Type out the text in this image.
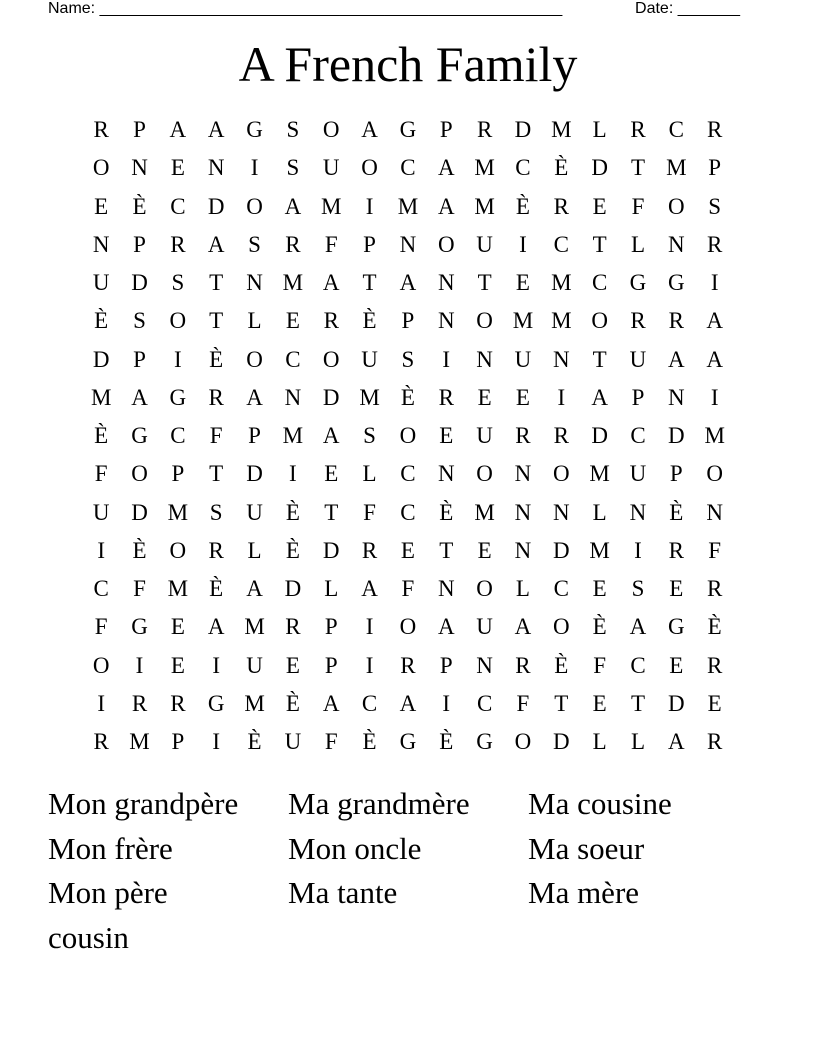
Name: ____________________________________________________	Date: _______
A French Family
R	P	A A G	S	O A G	P	R D M L	R	C	R
O N	E	N	I	S	U O C A M C	È	D	T M P
E	È	C D O A M	I	M A M È	R	E	F	O	S
N	P	R A	S	R	F	P	N O U	I	C	T	L	N R
U D	S	T	N M A	T	A N	T	E M C G G	I
È	S	O	T	L	E	R	È	P	N O M M O R	R A
D	P	I	È	O C O U	S	I	N U N	T	U A A
M A G R A N D M È	R	E	E	I	A	P	N	I
È	G C	F	P M A	S	O	E	U R	R D C D M
F	O	P	T	D	I	E	L	C N O N O M U	P	O
U D M S	U	È	T	F	C	È M N N	L	N	È	N
I	È	O R	L	È	D R	E	T	E	N D M	I	R	F
C	F M È	A D	L	A	F	N O	L	C	E	S	E	R
F	G	E	A M R	P	I	O A U A O	È	A G	È
O	I	E	I	U	E	P	I	R	P	N R	È	F	C	E	R
I	R	R G M È	A C A	I	C	F	T	E	T	D	E
R M P	I	È	U	F	È	G	È	G O D	L	L	A R
Mon grandpère	Ma grandmère	Ma cousine
Mon frère	Mon oncle	Ma soeur
Mon père	Ma tante	Ma mère
cousin
